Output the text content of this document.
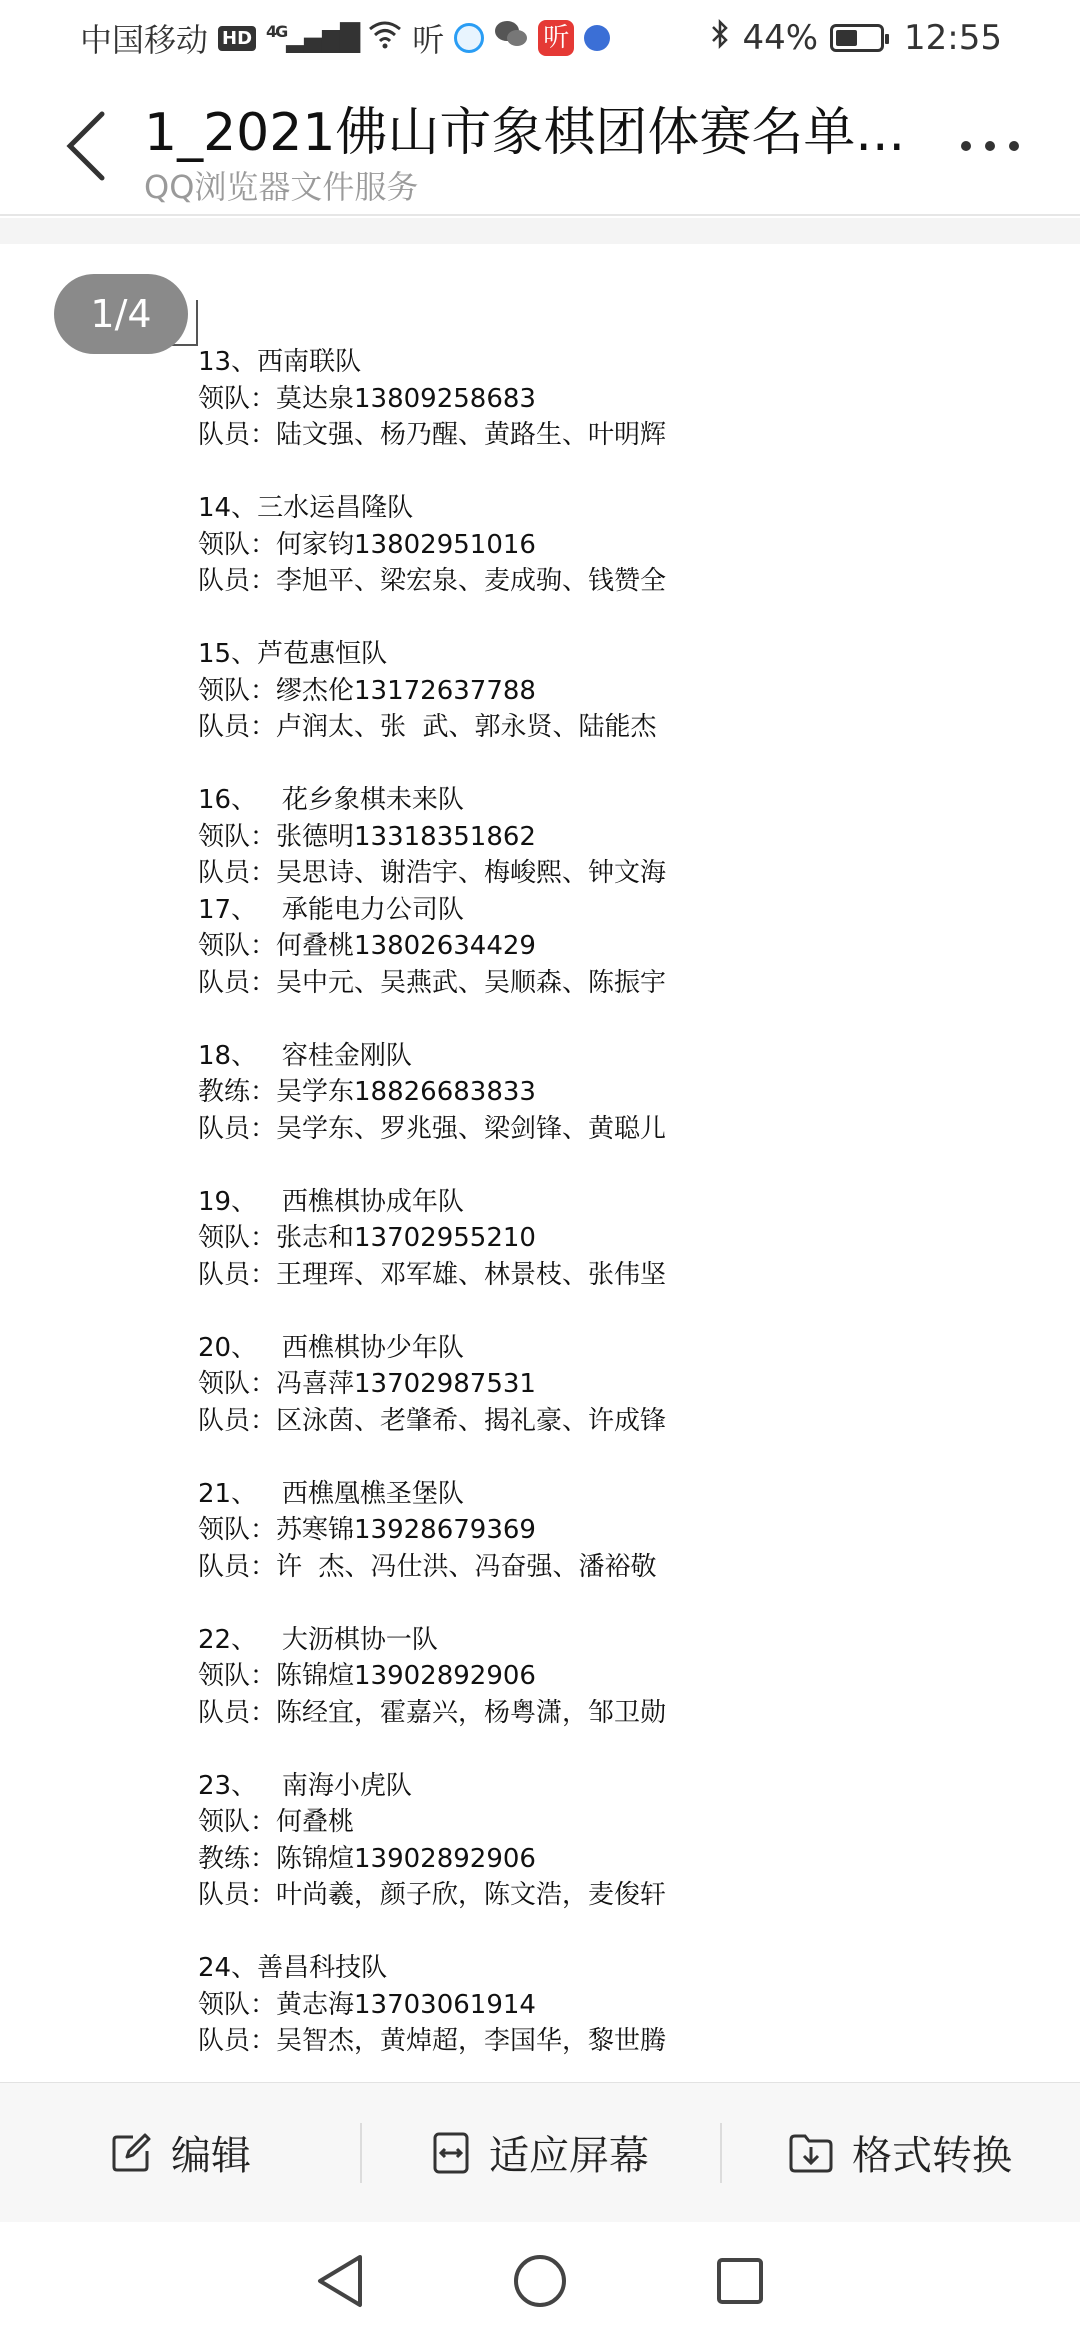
中国移动 HD $^{4G}$▂▄▆█ 听	听	44%	12:55
1_2021佛山市象棋团体赛名单...
QQ浏览器文件服务
1/4
13、西南联队
领队：莫达泉13809258683
队员：陆文强、杨乃醒、黄路生、叶明辉
14、三水运昌隆队
领队：何家钧13802951016
队员：李旭平、梁宏泉、麦成驹、钱赞全
15、芦苞惠恒队
领队：缪杰伦13172637788
队员：卢润太、张  武、郭永贤、陆能杰
16、   花乡象棋未来队
领队：张德明13318351862
队员：吴思诗、谢浩宇、梅峻熙、钟文海
17、   承能电力公司队
领队：何叠桃13802634429
队员：吴中元、吴燕武、吴顺森、陈振宇
18、   容桂金刚队
教练：吴学东18826683833
队员：吴学东、罗兆强、梁剑锋、黄聪儿
19、   西樵棋协成年队
领队：张志和13702955210
队员：王理珲、邓军雄、林景枝、张伟坚
20、   西樵棋协少年队
领队：冯喜萍13702987531
队员：区泳茵、老肇希、揭礼豪、许成锋
21、   西樵凰樵圣堡队
领队：苏寒锦13928679369
队员：许  杰、冯仕洪、冯奋强、潘裕敬
22、   大沥棋协一队
领队：陈锦煊13902892906
队员：陈经宜，霍嘉兴，杨粤潇，邹卫勋
23、   南海小虎队
领队：何叠桃
教练：陈锦煊13902892906
队员：叶尚羲，颜子欣，陈文浩，麦俊轩
24、善昌科技队
领队：黄志海13703061914
队员：吴智杰，黄焯超，李国华，黎世腾
编辑	适应屏幕	格式转换
